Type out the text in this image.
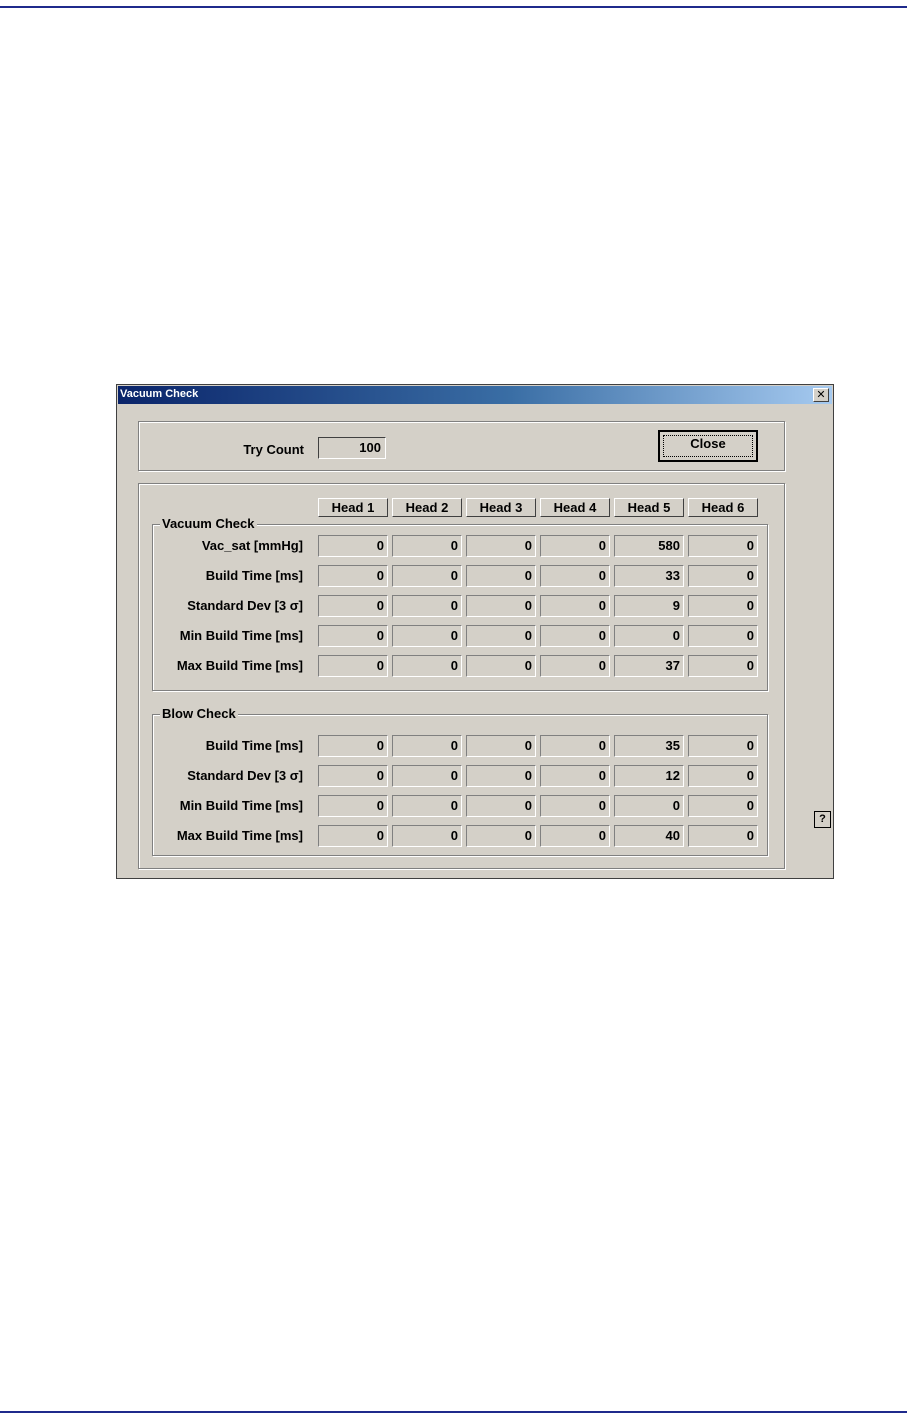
Vacuum Check	✕
Try Count	100	Close
Head 1	Head 2	Head 3	Head 4	Head 5	Head 6
Vacuum Check
Blow Check
Vac_sat [mmHg]	0	0	0	0	580	0
Build Time [ms]	0	0	0	0	33	0
Standard Dev [3 σ]	0	0	0	0	9	0
Min Build Time [ms]	0	0	0	0	0	0
Max Build Time [ms]	0	0	0	0	37	0
Build Time [ms]	0	0	0	0	35	0
Standard Dev [3 σ]	0	0	0	0	12	0
Min Build Time [ms]	0	0	0	0	0	0
Max Build Time [ms]	0	0	0	0	40	0
?
